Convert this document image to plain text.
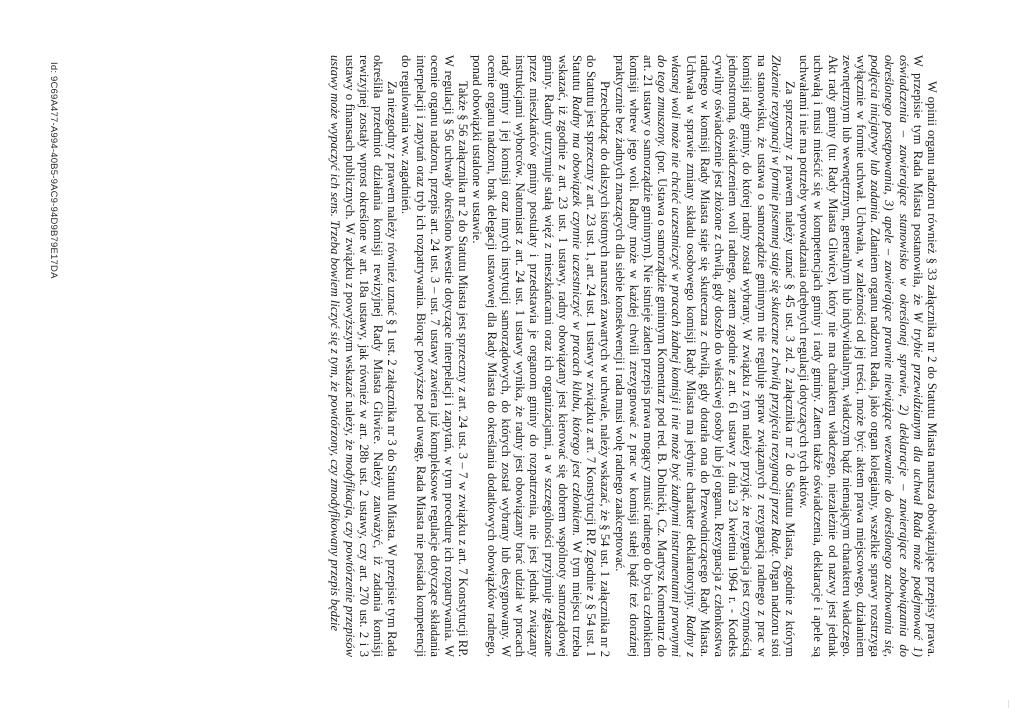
W opinii organu nadzoru również § 33 załącznika nr 2 do Statutu Miasta narusza obowiązujące przepisy prawa. W przepisie tym Rada Miasta postanowiła, że W trybie przewidzianym dla uchwał Rada może podejmować 1) oświadczenia – zawierające stanowisko w określonej sprawie, 2) deklaracje – zawierające zobowiązania do określonego postępowania, 3) apele – zawierające prawnie niewiążące wezwanie do określonego zachowania się, podjęcia inicjatywy lub zadania. Zdaniem organu nadzoru Rada, jako organ kolegialny, wszelkie sprawy rozstrzyga wyłącznie w formie uchwał. Uchwała, w zależności od jej treści, może być: aktem prawa miejscowego, działaniem zewnętrznym lub wewnętrznym, generalnym lub indywidualnym, władczym bądź niemającym charakteru władczego. Akt rady gminy (tu: Rady Miasta Gliwice), który nie ma charakteru władczego, niezależnie od nazwy jest jednak uchwałą i musi mieścić się w kompetencjach gminy i rady gminy. Zatem także oświadczenia, deklaracje i apele są uchwałami i nie ma potrzeby wprowadzania odrębnych regulacji dotyczących tych aktów.

Za sprzeczny z prawem należy uznać § 45 ust. 3 zd. 2 załącznika nr 2 do Statutu Miasta, zgodnie z którym Złożenie rezygnacji w formie pisemnej staje się skuteczne z chwilą przyjęcia rezygnacji przez Radę. Organ nadzoru stoi na stanowisku, że ustawa o samorządzie gminnym nie reguluje spraw związanych z rezygnacją radnego z prac w komisji rady gminy, do której radny został wybrany. W związku z tym należy przyjąć, że rezygnacja jest czynnością jednostronną, oświadczeniem woli radnego, zatem zgodnie z art. 61 ustawy z dnia 23 kwietnia 1964 r. - Kodeks cywilny oświadczenie jest złożone z chwilą, gdy doszło do właściwej osoby lub jej organu. Rezygnacja z członkostwa radnego w komisji Rady Miasta staje się skuteczna z chwilą, gdy dotarła ona do Przewodniczącego Rady Miasta. Uchwała w sprawie zmiany składu osobowego komisji Rady Miasta ma jedynie charakter deklaratoryjny. Radny z własnej woli może nie chcieć uczestniczyć w pracach żadnej komisji i nie może być żadnymi instrumentami prawnymi do tego zmuszony. (por. Ustawa o samorządzie gminnym Komentarz pod red. B. Dolnicki, Cz. Martysz Komentarz do art. 21 ustawy o samorządzie gminnym). Nie istnieje żaden przepis prawa mogący zmusić radnego do bycia członkiem komisji wbrew jego woli. Radny może w każdej chwili zrezygnować z prac w komisji stałej bądź też doraźnej praktycznie bez żadnych znaczących dla siebie konsekwencji i rada musi wolę radnego zaakceptować.

Przechodząc do dalszych istotnych naruszeń zawartych w uchwale, należy wskazać, że § 54 ust. 1 załącznika nr 2 do Statutu jest sprzeczny z art. 23 ust. 1, art. 24 ust. 1 ustawy w związku z art. 7 Konstytucji RP. Zgodnie z § 54 ust. 1 Statutu Radny ma obowiązek czynnie uczestniczyć w pracach klubu, którego jest członkiem. W tym miejscu trzeba wskazać, iż zgodnie z art. 23 ust. 1 ustawy, radny obowiązany jest kierować się dobrem wspólnoty samorządowej gminy. Radny utrzymuje stałą więź z mieszkańcami oraz ich organizacjami, a w szczególności przyjmuje zgłaszane przez mieszkańców gminy postulaty i przedstawia je organom gminy do rozpatrzenia, nie jest jednak związany instrukcjami wyborców. Natomiast z art. 24 ust. 1 ustawy wynika, że radny jest obowiązany brać udział w pracach rady gminy i jej komisji oraz innych instytucji samorządowych, do których został wybrany lub desygnowany. W ocenie organu nadzoru, brak delegacji ustawowej dla Rady Miasta do określania dodatkowych obowiązków radnego, ponad obowiązki ustalone w ustawie.

Także § 56 załącznika nr 2 do Statutu Miasta jest sprzeczny z art. 24 ust. 3 – 7 w związku z art. 7 Konstytucji RP. W regulacji § 56 uchwały określono kwestie dotyczące interpelacji i zapytań, w tym procedurę ich rozpatrywania. W ocenie organu nadzoru, przepis art. 24 ust. 3 – ust. 7 ustawy zawiera już kompleksowe regulacje dotyczące składania interpelacji i zapytań oraz tryb ich rozpatrywania. Biorąc powyższe pod uwagę, Rada Miasta nie posiada kompetencji do regulowania ww. zagadnień.

Za niezgodny z prawem należy również uznać § 1 ust. 2 załącznika nr 3 do Statutu Miasta. W przepisie tym Rada określiła przedmiot działania komisji rewizyjnej Rady Miasta Gliwice. Należy zauważyć, iż zadania komisji rewizyjnej zostały wprost określone w art. 18a ustawy, jak również w art. 28b ust. 2 ustawy, czy art. 270 ust. 2 i 3 ustawy o finansach publicznych. W związku z powyższym wskazać należy, że modyfikacja, czy powtórzenie przepisów ustawy może wypaczyć ich sens. Trzeba bowiem liczyć się z tym, że powtórzony, czy zmodyfikowany przepis będzie

Id: 9C69A477-A994-40B5-9AC9-94D9B79E17DA
